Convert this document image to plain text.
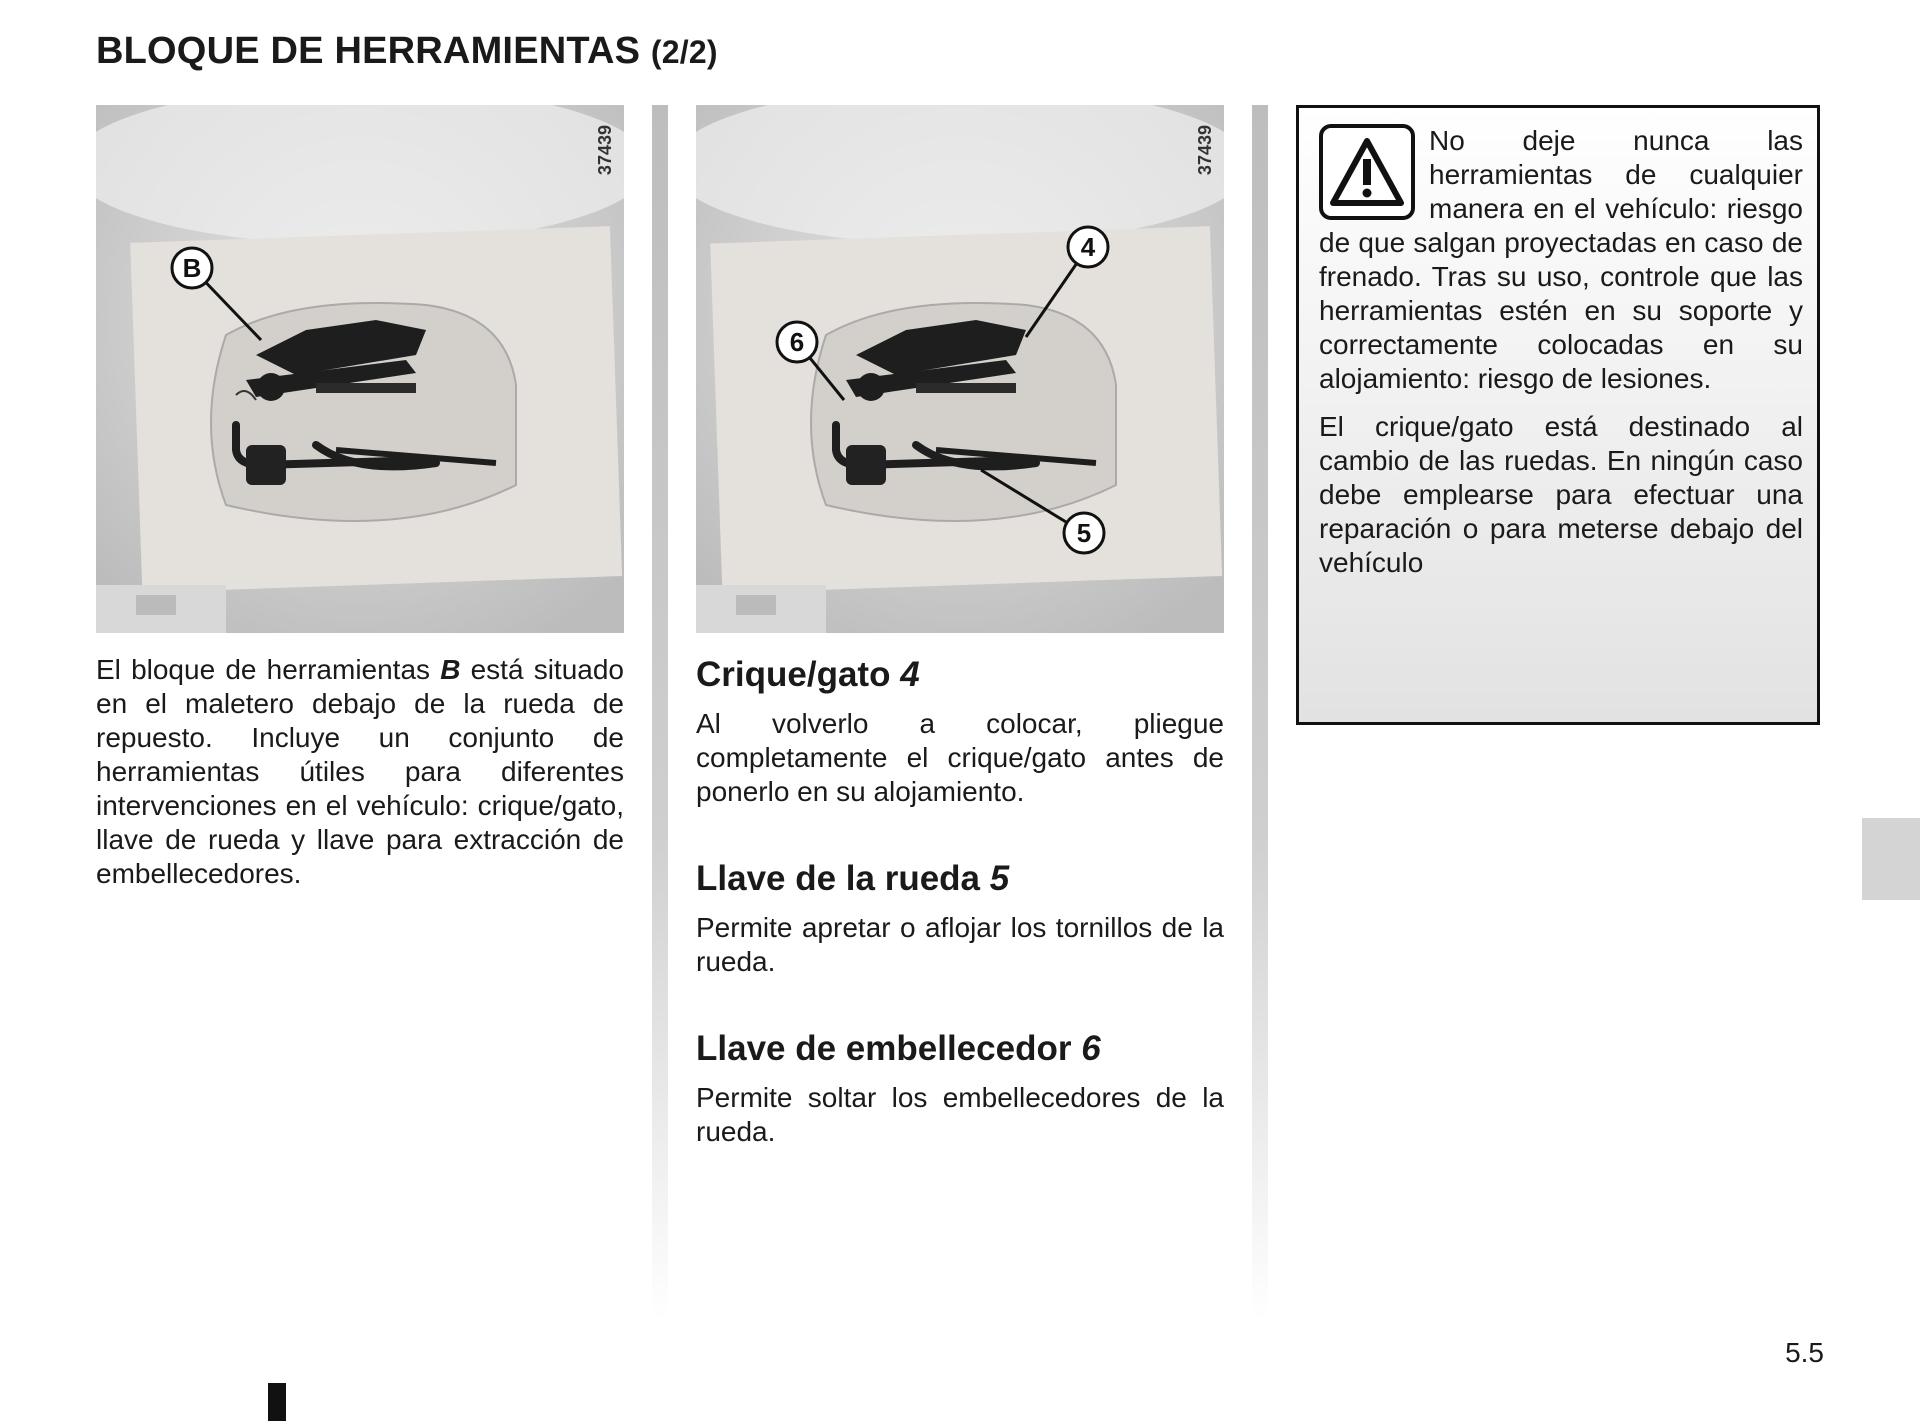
BLOQUE DE HERRAMIENTAS (2/2)
B
37439

El bloque de herramientas B está situado en el maletero debajo de la rueda de repuesto. Incluye un conjunto de herramientas útiles para diferentes intervenciones en el vehículo: crique/gato, llave de rueda y llave para extracción de embellecedores.

4
5
6
37439
Crique/gato 4

Al volverlo a colocar, pliegue completamente el crique/gato antes de ponerlo en su alojamiento.

Llave de la rueda 5

Permite apretar o aflojar los tornillos de la rueda.

Llave de embellecedor 6

Permite soltar los embellecedores de la rueda.

No deje nunca las herramientas de cualquier manera en el vehículo: riesgo de que salgan proyectadas en caso de frenado. Tras su uso, controle que las herramientas estén en su soporte y correctamente colocadas en su alojamiento: riesgo de lesiones.

El crique/gato está destinado al cambio de las ruedas. En ningún caso debe emplearse para efectuar una reparación o para meterse debajo del vehículo

5.5
